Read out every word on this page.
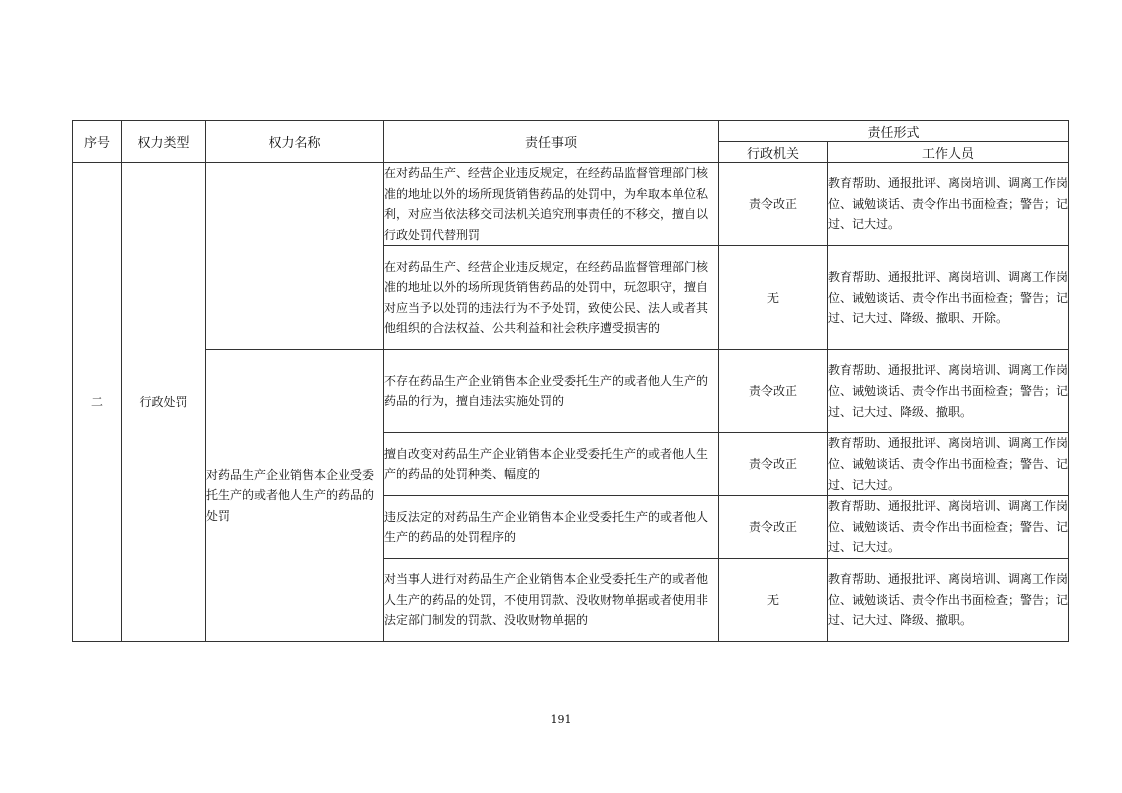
序号	权力类型	权力名称	责任事项	责任形式	
				行政机关	工作人员
二	行政处罚		在对药品生产、经营企业违反规定，在经药品监督管理部门核准的地址以外的场所现货销售药品的处罚中，为牟取本单位私利，对应当依法移交司法机关追究刑事责任的不移交，擅自以行政处罚代替刑罚	责令改正	教育帮助、通报批评、离岗培训、调离工作岗位、诫勉谈话、责令作出书面检查；警告；记过、记大过。
			在对药品生产、经营企业违反规定，在经药品监督管理部门核准的地址以外的场所现货销售药品的处罚中，玩忽职守，擅自对应当予以处罚的违法行为不予处罚，致使公民、法人或者其他组织的合法权益、公共利益和社会秩序遭受损害的	无	教育帮助、通报批评、离岗培训、调离工作岗位、诫勉谈话、责令作出书面检查；警告；记过、记大过、降级、撤职、开除。
		对药品生产企业销售本企业受委托生产的或者他人生产的药品的处罚	不存在药品生产企业销售本企业受委托生产的或者他人生产的药品的行为，擅自违法实施处罚的	责令改正	教育帮助、通报批评、离岗培训、调离工作岗位、诫勉谈话、责令作出书面检查；警告；记过、记大过、降级、撤职。
			擅自改变对药品生产企业销售本企业受委托生产的或者他人生产的药品的处罚种类、幅度的	责令改正	教育帮助、通报批评、离岗培训、调离工作岗位、诫勉谈话、责令作出书面检查；警告、记过、记大过。
			违反法定的对药品生产企业销售本企业受委托生产的或者他人生产的药品的处罚程序的	责令改正	教育帮助、通报批评、离岗培训、调离工作岗位、诫勉谈话、责令作出书面检查；警告、记过、记大过。
			对当事人进行对药品生产企业销售本企业受委托生产的或者他人生产的药品的处罚，不使用罚款、没收财物单据或者使用非法定部门制发的罚款、没收财物单据的	无	教育帮助、通报批评、离岗培训、调离工作岗位、诫勉谈话、责令作出书面检查；警告；记过、记大过、降级、撤职。
191
